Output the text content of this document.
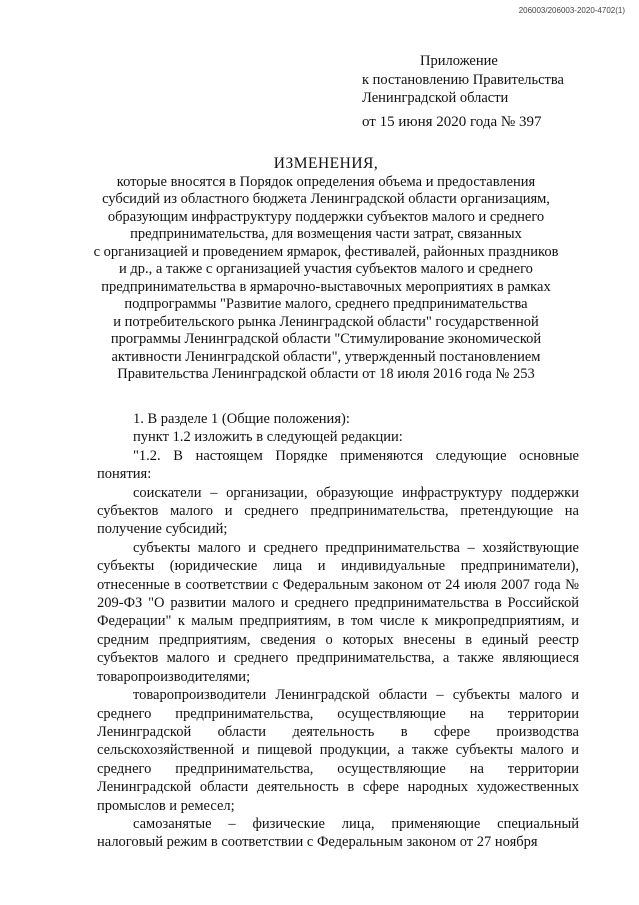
206003/206003-2020-4702(1)
Приложение
к постановлению Правительства
Ленинградской области
от 15 июня 2020 года № 397
ИЗМЕНЕНИЯ,
которые вносятся в Порядок определения объема и предоставления
субсидий из областного бюджета Ленинградской области организациям,
образующим инфраструктуру поддержки субъектов малого и среднего
предпринимательства, для возмещения части затрат, связанных
с организацией и проведением ярмарок, фестивалей, районных праздников
и др., а также с организацией участия субъектов малого и среднего
предпринимательства в ярмарочно-выставочных мероприятиях в рамках
подпрограммы "Развитие малого, среднего предпринимательства
и потребительского рынка Ленинградской области" государственной
программы Ленинградской области "Стимулирование экономической
активности Ленинградской области", утвержденный постановлением
Правительства Ленинградской области от 18 июля 2016 года № 253

1. В разделе 1 (Общие положения):

пункт 1.2 изложить в следующей редакции:

"1.2. В настоящем Порядке применяются следующие основные понятия:

соискатели – организации, образующие инфраструктуру поддержки субъектов малого и среднего предпринимательства, претендующие на получение субсидий;

субъекты малого и среднего предпринимательства – хозяйствующие субъекты (юридические лица и индивидуальные предприниматели), отнесенные в соответствии с Федеральным законом от 24 июля 2007 года № 209-ФЗ "О развитии малого и среднего предпринимательства в Российской Федерации" к малым предприятиям, в том числе к микропредприятиям, и средним предприятиям, сведения о которых внесены в единый реестр субъектов малого и среднего предпринимательства, а также являющиеся товаропроизводителями;

товаропроизводители Ленинградской области – субъекты малого и среднего предпринимательства, осуществляющие на территории Ленинградской области деятельность в сфере производства сельскохозяйственной и пищевой продукции, а также субъекты малого и среднего предпринимательства, осуществляющие на территории Ленинградской области деятельность в сфере народных художественных промыслов и ремесел;

самозанятые – физические лица, применяющие специальный налоговый режим в соответствии с Федеральным законом от 27 ноября
